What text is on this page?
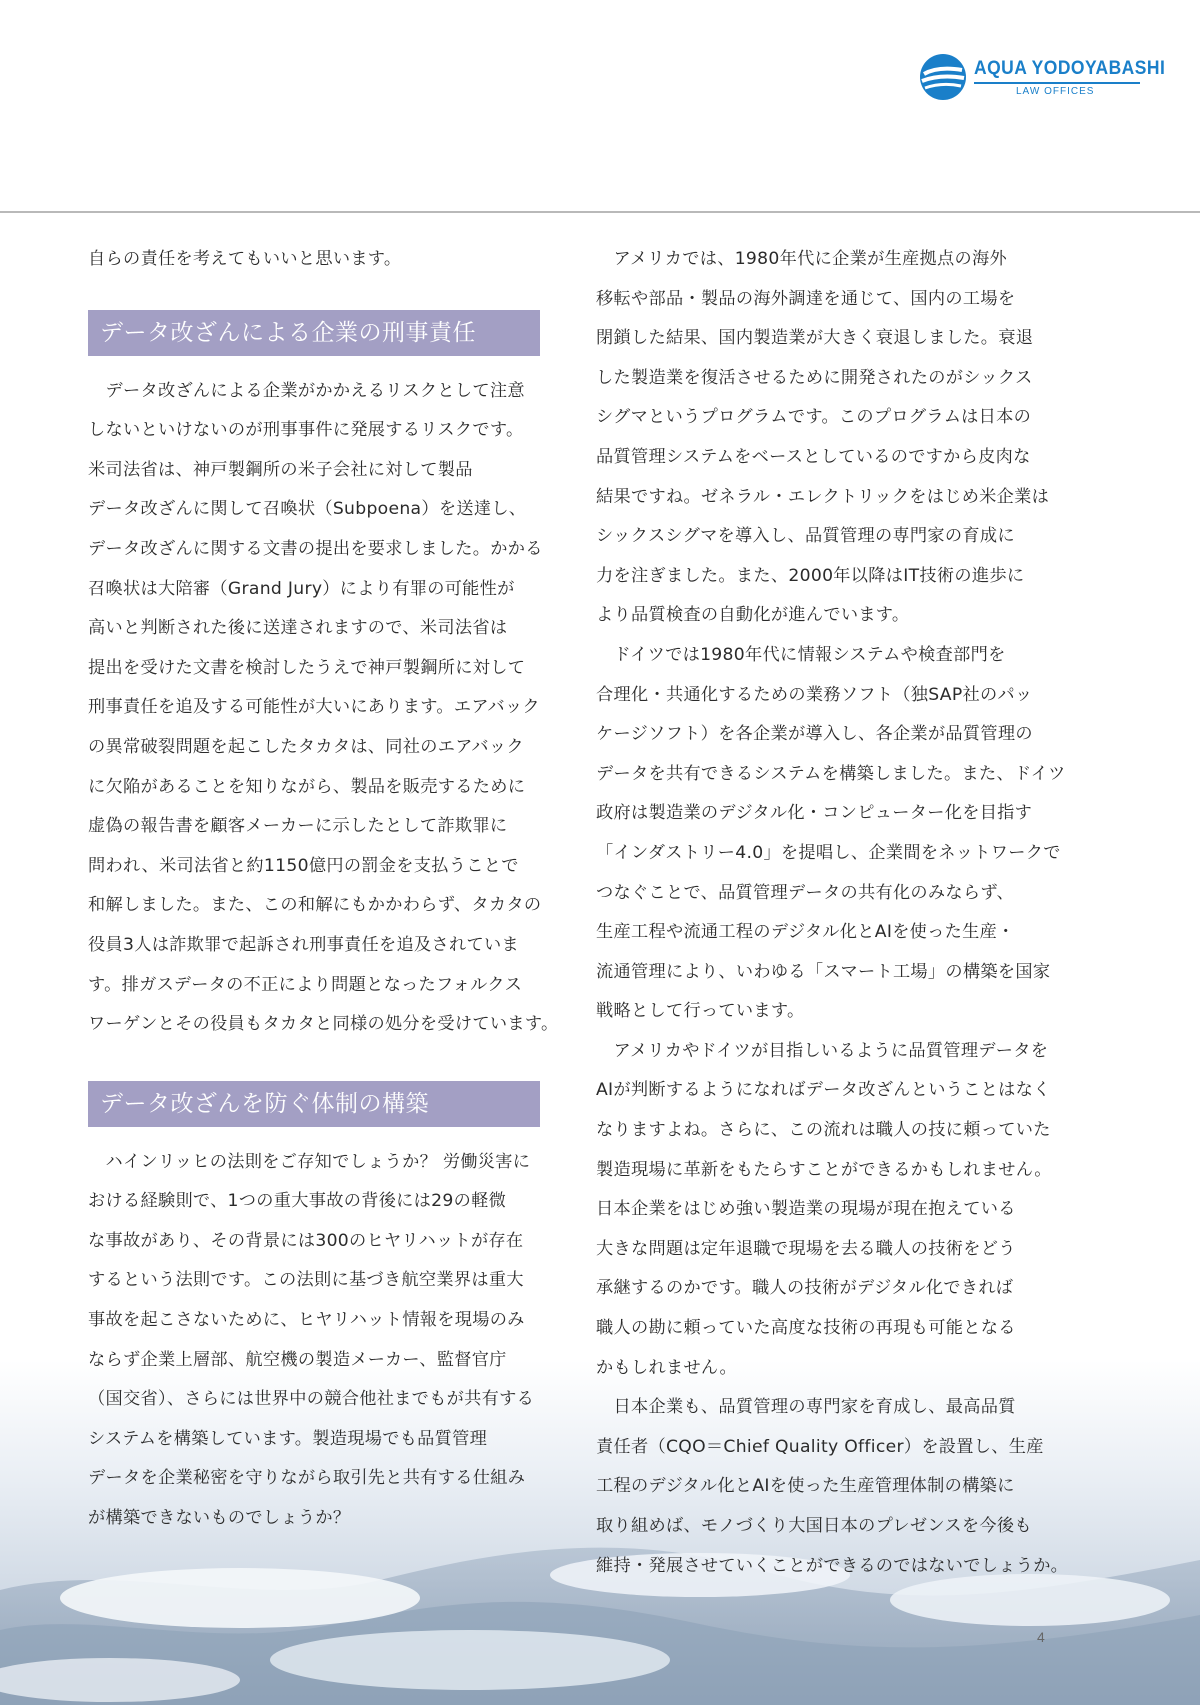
AQUA YODOYABASHI
LAW OFFICES
自らの責任を考えてもいいと思います。
データ改ざんによる企業の刑事責任
　データ改ざんによる企業がかかえるリスクとして注意
しないといけないのが刑事事件に発展するリスクです。
米司法省は、神戸製鋼所の米子会社に対して製品
データ改ざんに関して召喚状（Subpoena）を送達し、
データ改ざんに関する文書の提出を要求しました。かかる
召喚状は大陪審（Grand Jury）により有罪の可能性が
高いと判断された後に送達されますので、米司法省は
提出を受けた文書を検討したうえで神戸製鋼所に対して
刑事責任を追及する可能性が大いにあります。エアバック
の異常破裂問題を起こしたタカタは、同社のエアバック
に欠陥があることを知りながら、製品を販売するために
虚偽の報告書を顧客メーカーに示したとして詐欺罪に
問われ、米司法省と約1150億円の罰金を支払うことで
和解しました。また、この和解にもかかわらず、タカタの
役員3人は詐欺罪で起訴され刑事責任を追及されていま
す。排ガスデータの不正により問題となったフォルクス
ワーゲンとその役員もタカタと同様の処分を受けています。
データ改ざんを防ぐ体制の構築
　ハインリッヒの法則をご存知でしょうか？ 労働災害に
おける経験則で、1つの重大事故の背後には29の軽微
な事故があり、その背景には300のヒヤリハットが存在
するという法則です。この法則に基づき航空業界は重大
事故を起こさないために、ヒヤリハット情報を現場のみ
ならず企業上層部、航空機の製造メーカー、監督官庁
（国交省）、さらには世界中の競合他社までもが共有する
システムを構築しています。製造現場でも品質管理
データを企業秘密を守りながら取引先と共有する仕組み
が構築できないものでしょうか？
　アメリカでは、1980年代に企業が生産拠点の海外
移転や部品・製品の海外調達を通じて、国内の工場を
閉鎖した結果、国内製造業が大きく衰退しました。衰退
した製造業を復活させるために開発されたのがシックス
シグマというプログラムです。このプログラムは日本の
品質管理システムをベースとしているのですから皮肉な
結果ですね。ゼネラル・エレクトリックをはじめ米企業は
シックスシグマを導入し、品質管理の専門家の育成に
力を注ぎました。また、2000年以降はIT技術の進歩に
より品質検査の自動化が進んでいます。
　ドイツでは1980年代に情報システムや検査部門を
合理化・共通化するための業務ソフト（独SAP社のパッ
ケージソフト）を各企業が導入し、各企業が品質管理の
データを共有できるシステムを構築しました。また、ドイツ
政府は製造業のデジタル化・コンピューター化を目指す
「インダストリー4.0」を提唱し、企業間をネットワークで
つなぐことで、品質管理データの共有化のみならず、
生産工程や流通工程のデジタル化とAIを使った生産・
流通管理により、いわゆる「スマート工場」の構築を国家
戦略として行っています。
　アメリカやドイツが目指しいるように品質管理データを
AIが判断するようになればデータ改ざんということはなく
なりますよね。さらに、この流れは職人の技に頼っていた
製造現場に革新をもたらすことができるかもしれません。
日本企業をはじめ強い製造業の現場が現在抱えている
大きな問題は定年退職で現場を去る職人の技術をどう
承継するのかです。職人の技術がデジタル化できれば
職人の勘に頼っていた高度な技術の再現も可能となる
かもしれません。
　日本企業も、品質管理の専門家を育成し、最高品質
責任者（CQO＝Chief Quality Officer）を設置し、生産
工程のデジタル化とAIを使った生産管理体制の構築に
取り組めば、モノづくり大国日本のプレゼンスを今後も
維持・発展させていくことができるのではないでしょうか。
4
